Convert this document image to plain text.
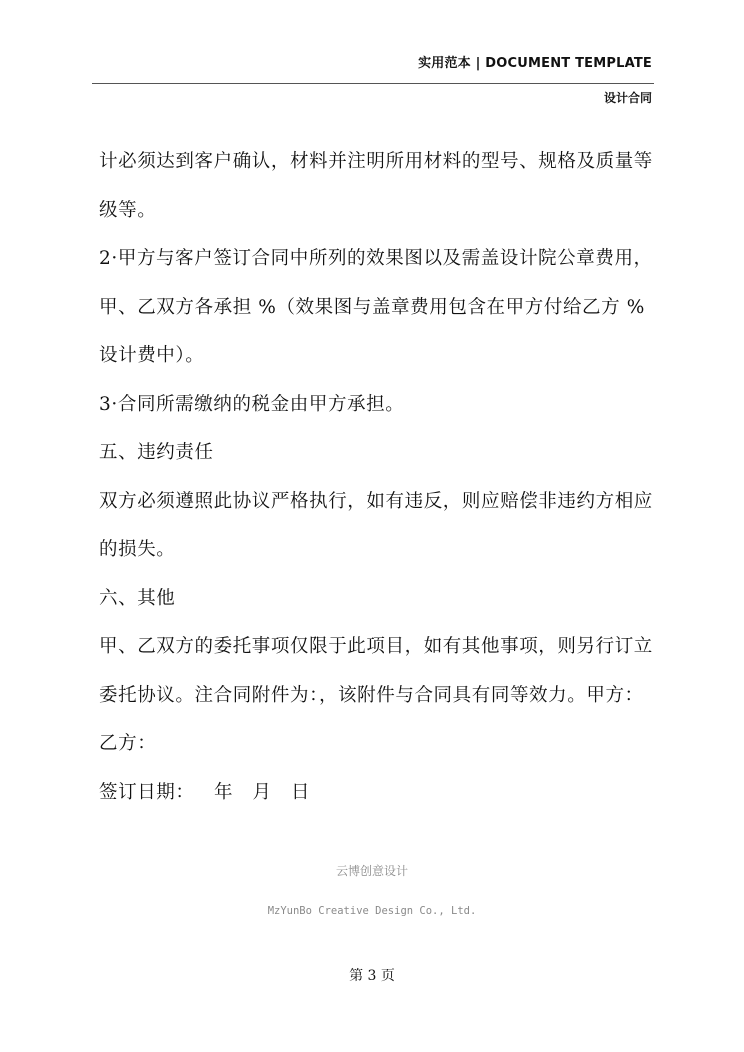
实用范本 | DOCUMENT TEMPLATE
设计合同

计必须达到客户确认，材料并注明所用材料的型号、规格及质量等级等。

2·甲方与客户签订合同中所列的效果图以及需盖设计院公章费用，甲、乙双方各承担 %（效果图与盖章费用包含在甲方付给乙方 %设计费中）。

3·合同所需缴纳的税金由甲方承担。

五、违约责任

双方必须遵照此协议严格执行，如有违反，则应赔偿非违约方相应的损失。

六、其他

甲、乙双方的委托事项仅限于此项目，如有其他事项，则另行订立委托协议。注合同附件为：，该附件与合同具有同等效力。甲方：

乙方：

签订日期：   年   月   日

云博创意设计
MzYunBo Creative Design Co., Ltd.
第 3 页
